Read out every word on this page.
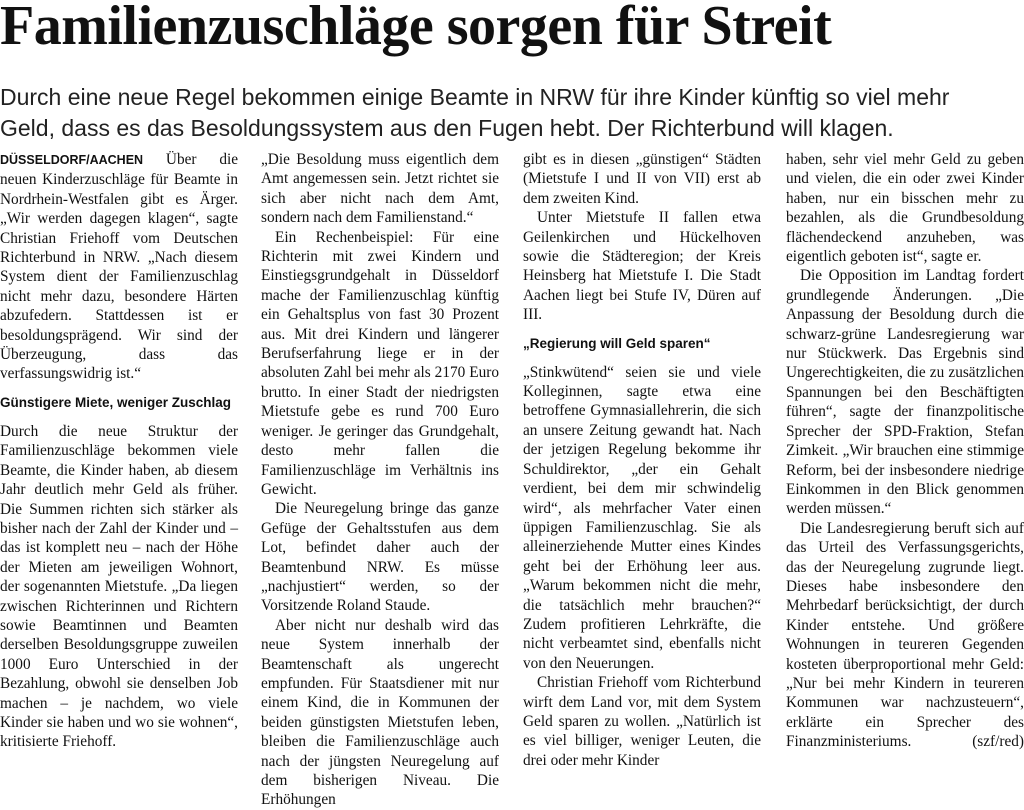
Familienzuschläge sorgen für Streit

Durch eine neue Regel bekommen einige Beamte in NRW für ihre Kinder künftig so viel mehr Geld, dass es das Besoldungssystem aus den Fugen hebt. Der Richterbund will klagen.

DÜSSELDORF/AACHEN Über die neuen Kinderzuschläge für Beamte in Nordrhein-Westfalen gibt es Ärger. „Wir werden dagegen klagen“, sagte Christian Friehoff vom Deutschen Richterbund in NRW. „Nach diesem System dient der Familienzuschlag nicht mehr dazu, besondere Härten abzufedern. Stattdessen ist er besoldungsprägend. Wir sind der Überzeugung, dass das verfassungswidrig ist.“

Günstigere Miete, weniger Zuschlag

Durch die neue Struktur der Familienzuschläge bekommen viele Beamte, die Kinder haben, ab diesem Jahr deutlich mehr Geld als früher. Die Summen richten sich stärker als bisher nach der Zahl der Kinder und – das ist komplett neu – nach der Höhe der Mieten am jeweiligen Wohnort, der sogenannten Mietstufe. „Da liegen zwischen Richterinnen und Richtern sowie Beamtinnen und Beamten derselben Besoldungsgruppe zuweilen 1000 Euro Unterschied in der Bezahlung, obwohl sie denselben Job machen – je nachdem, wo viele Kinder sie haben und wo sie wohnen“, kritisierte Friehoff.

„Die Besoldung muss eigentlich dem Amt angemessen sein. Jetzt richtet sie sich aber nicht nach dem Amt, sondern nach dem Familienstand.“

Ein Rechenbeispiel: Für eine Richterin mit zwei Kindern und Einstiegsgrundgehalt in Düsseldorf mache der Familienzuschlag künftig ein Gehaltsplus von fast 30 Prozent aus. Mit drei Kindern und längerer Berufserfahrung liege er in der absoluten Zahl bei mehr als 2170 Euro brutto. In einer Stadt der niedrigsten Mietstufe gebe es rund 700 Euro weniger. Je geringer das Grundgehalt, desto mehr fallen die Familienzuschläge im Verhältnis ins Gewicht.

Die Neuregelung bringe das ganze Gefüge der Gehaltsstufen aus dem Lot, befindet daher auch der Beamtenbund NRW. Es müsse „nachjustiert“ werden, so der Vorsitzende Roland Staude.

Aber nicht nur deshalb wird das neue System innerhalb der Beamtenschaft als ungerecht empfunden. Für Staatsdiener mit nur einem Kind, die in Kommunen der beiden günstigsten Mietstufen leben, bleiben die Familienzuschläge auch nach der jüngsten Neuregelung auf dem bisherigen Niveau. Die Erhöhungen

gibt es in diesen „günstigen“ Städten (Mietstufe I und II von VII) erst ab dem zweiten Kind.

Unter Mietstufe II fallen etwa Geilenkirchen und Hückelhoven sowie die Städteregion; der Kreis Heinsberg hat Mietstufe I. Die Stadt Aachen liegt bei Stufe IV, Düren auf III.

„Regierung will Geld sparen“

„Stinkwütend“ seien sie und viele Kolleginnen, sagte etwa eine betroffene Gymnasiallehrerin, die sich an unsere Zeitung gewandt hat. Nach der jetzigen Regelung bekomme ihr Schuldirektor, „der ein Gehalt verdient, bei dem mir schwindelig wird“, als mehrfacher Vater einen üppigen Familienzuschlag. Sie als alleinerziehende Mutter eines Kindes geht bei der Erhöhung leer aus. „Warum bekommen nicht die mehr, die tatsächlich mehr brauchen?“ Zudem profitieren Lehrkräfte, die nicht verbeamtet sind, ebenfalls nicht von den Neuerungen.

Christian Friehoff vom Richterbund wirft dem Land vor, mit dem System Geld sparen zu wollen. „Natürlich ist es viel billiger, weniger Leuten, die drei oder mehr Kinder

haben, sehr viel mehr Geld zu geben und vielen, die ein oder zwei Kinder haben, nur ein bisschen mehr zu bezahlen, als die Grundbesoldung flächendeckend anzuheben, was eigentlich geboten ist“, sagte er.

Die Opposition im Landtag fordert grundlegende Änderungen. „Die Anpassung der Besoldung durch die schwarz-grüne Landesregierung war nur Stückwerk. Das Ergebnis sind Ungerechtigkeiten, die zu zusätzlichen Spannungen bei den Beschäftigten führen“, sagte der finanzpolitische Sprecher der SPD-Fraktion, Stefan Zimkeit. „Wir brauchen eine stimmige Reform, bei der insbesondere niedrige Einkommen in den Blick genommen werden müssen.“

Die Landesregierung beruft sich auf das Urteil des Verfassungsgerichts, das der Neuregelung zugrunde liegt. Dieses habe insbesondere den Mehrbedarf berücksichtigt, der durch Kinder entstehe. Und größere Wohnungen in teureren Gegenden kosteten überproportional mehr Geld: „Nur bei mehr Kindern in teureren Kommunen war nachzusteuern“, erklärte ein Sprecher des Finanzministeriums.	(szf/red)
